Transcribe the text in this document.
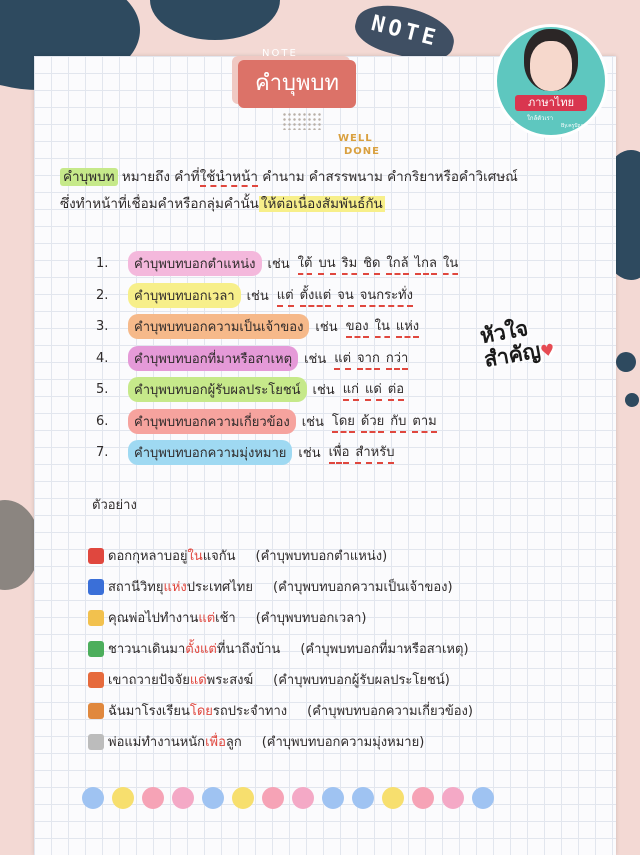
NOTE
คำบุพบท
NOTE
WELL
DONE
ภาษาไทย
ใกล้ตัวเรา
By.ครูปัญา
คำบุพบท หมายถึง คำที่ใช้นำหน้า คำนาม คำสรรพนาม คำกริยาหรือคำวิเศษณ์
ซึ่งทำหน้าที่เชื่อมคำหรือกลุ่มคำนั้น ให้ต่อเนื่องสัมพันธ์กัน
1.	คำบุพบทบอกตำแหน่ง เช่น ใต้ บน ริม ชิด ใกล้ ไกล ใน
2.	คำบุพบทบอกเวลา เช่น แต่ ตั้งแต่ จน จนกระทั่ง
3.	คำบุพบทบอกความเป็นเจ้าของ เช่น ของ ใน แห่ง
4.	คำบุพบทบอกที่มาหรือสาเหตุ เช่น แต่ จาก กว่า
5.	คำบุพบทบอกผู้รับผลประโยชน์ เช่น แก่ แด่ ต่อ
6.	คำบุพบทบอกความเกี่ยวข้อง เช่น โดย ด้วย กับ ตาม
7.	คำบุพบทบอกความมุ่งหมาย เช่น เพื่อ สำหรับ
หัวใจ
สำคัญ♥
ตัวอย่าง
ดอกกุหลาบอยู่ ใน แจกัน (คำบุพบทบอกตำแหน่ง)
สถานีวิทยุ แห่ง ประเทศไทย (คำบุพบทบอกความเป็นเจ้าของ)
คุณพ่อไปทำงาน แต่ เช้า (คำบุพบทบอกเวลา)
ชาวนาเดินมา ตั้งแต่ ที่นาถึงบ้าน (คำบุพบทบอกที่มาหรือสาเหตุ)
เขาถวายปัจจัย แด่ พระสงฆ์ (คำบุพบทบอกผู้รับผลประโยชน์)
ฉันมาโรงเรียน โดย รถประจำทาง (คำบุพบทบอกความเกี่ยวข้อง)
พ่อแม่ทำงานหนัก เพื่อ ลูก (คำบุพบทบอกความมุ่งหมาย)
